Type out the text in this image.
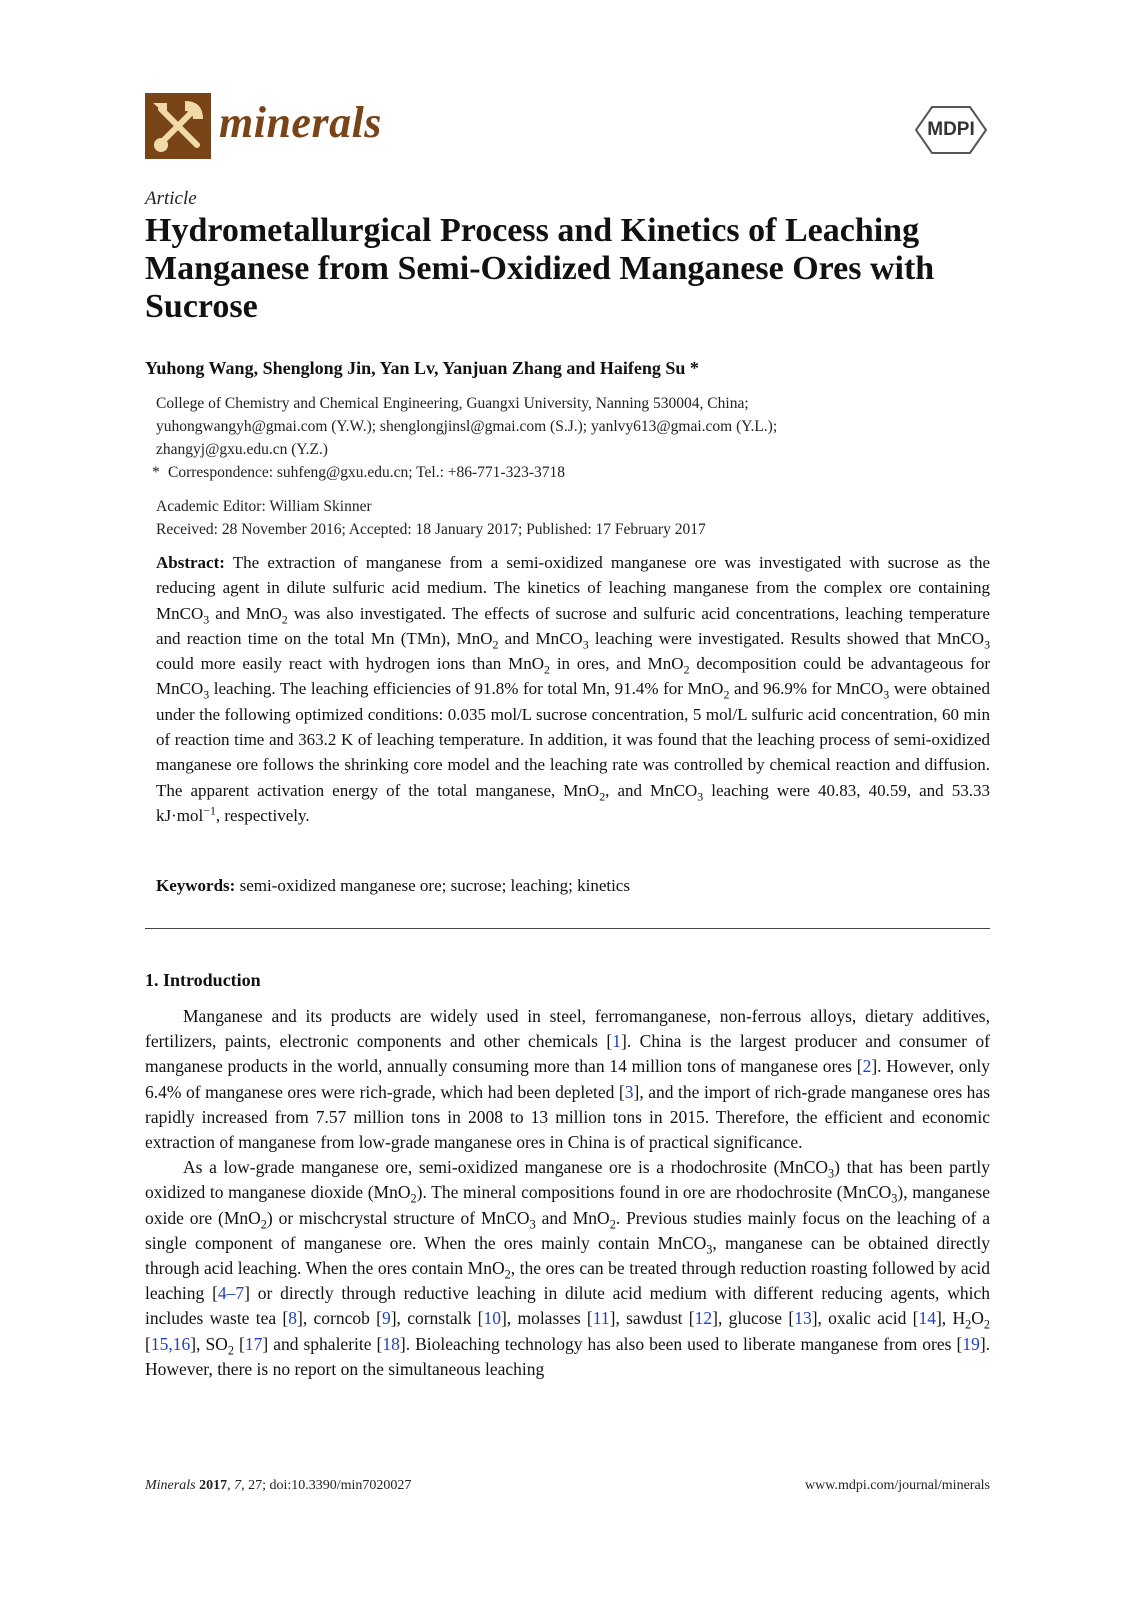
minerals	MDPI
Article
Hydrometallurgical Process and Kinetics of Leaching Manganese from Semi-Oxidized Manganese Ores with Sucrose
Yuhong Wang, Shenglong Jin, Yan Lv, Yanjuan Zhang and Haifeng Su *
College of Chemistry and Chemical Engineering, Guangxi University, Nanning 530004, China;
yuhongwangyh@gmai.com (Y.W.); shenglongjinsl@gmai.com (S.J.); yanlvy613@gmai.com (Y.L.);
zhangyj@gxu.edu.cn (Y.Z.)
* Correspondence: suhfeng@gxu.edu.cn; Tel.: +86-771-323-3718
Academic Editor: William Skinner
Received: 28 November 2016; Accepted: 18 January 2017; Published: 17 February 2017
Abstract: The extraction of manganese from a semi-oxidized manganese ore was investigated with sucrose as the reducing agent in dilute sulfuric acid medium. The kinetics of leaching manganese from the complex ore containing MnCO$_3$ and MnO$_2$ was also investigated. The effects of sucrose and sulfuric acid concentrations, leaching temperature and reaction time on the total Mn (TMn), MnO$_2$ and MnCO$_3$ leaching were investigated. Results showed that MnCO$_3$ could more easily react with hydrogen ions than MnO$_2$ in ores, and MnO$_2$ decomposition could be advantageous for MnCO$_3$ leaching. The leaching efficiencies of 91.8% for total Mn, 91.4% for MnO$_2$ and 96.9% for MnCO$_3$ were obtained under the following optimized conditions: 0.035 mol/L sucrose concentration, 5 mol/L sulfuric acid concentration, 60 min of reaction time and 363.2 K of leaching temperature. In addition, it was found that the leaching process of semi-oxidized manganese ore follows the shrinking core model and the leaching rate was controlled by chemical reaction and diffusion. The apparent activation energy of the total manganese, MnO$_2$, and MnCO$_3$ leaching were 40.83, 40.59, and 53.33 kJ·mol$^{-1}$, respectively.
Keywords: semi-oxidized manganese ore; sucrose; leaching; kinetics
1. Introduction

Manganese and its products are widely used in steel, ferromanganese, non-ferrous alloys, dietary additives, fertilizers, paints, electronic components and other chemicals [1]. China is the largest producer and consumer of manganese products in the world, annually consuming more than 14 million tons of manganese ores [2]. However, only 6.4% of manganese ores were rich-grade, which had been depleted [3], and the import of rich-grade manganese ores has rapidly increased from 7.57 million tons in 2008 to 13 million tons in 2015. Therefore, the efficient and economic extraction of manganese from low-grade manganese ores in China is of practical significance.

As a low-grade manganese ore, semi-oxidized manganese ore is a rhodochrosite (MnCO$_3$) that has been partly oxidized to manganese dioxide (MnO$_2$). The mineral compositions found in ore are rhodochrosite (MnCO$_3$), manganese oxide ore (MnO$_2$) or mischcrystal structure of MnCO$_3$ and MnO$_2$. Previous studies mainly focus on the leaching of a single component of manganese ore. When the ores mainly contain MnCO$_3$, manganese can be obtained directly through acid leaching. When the ores contain MnO$_2$, the ores can be treated through reduction roasting followed by acid leaching [4–7] or directly through reductive leaching in dilute acid medium with different reducing agents, which includes waste tea [8], corncob [9], cornstalk [10], molasses [11], sawdust [12], glucose [13], oxalic acid [14], $H_2O_2$ [15,16], $SO_2$ [17] and sphalerite [18]. Bioleaching technology has also been used to liberate manganese from ores [19]. However, there is no report on the simultaneous leaching

Minerals 2017, 7, 27; doi:10.3390/min7020027	www.mdpi.com/journal/minerals
